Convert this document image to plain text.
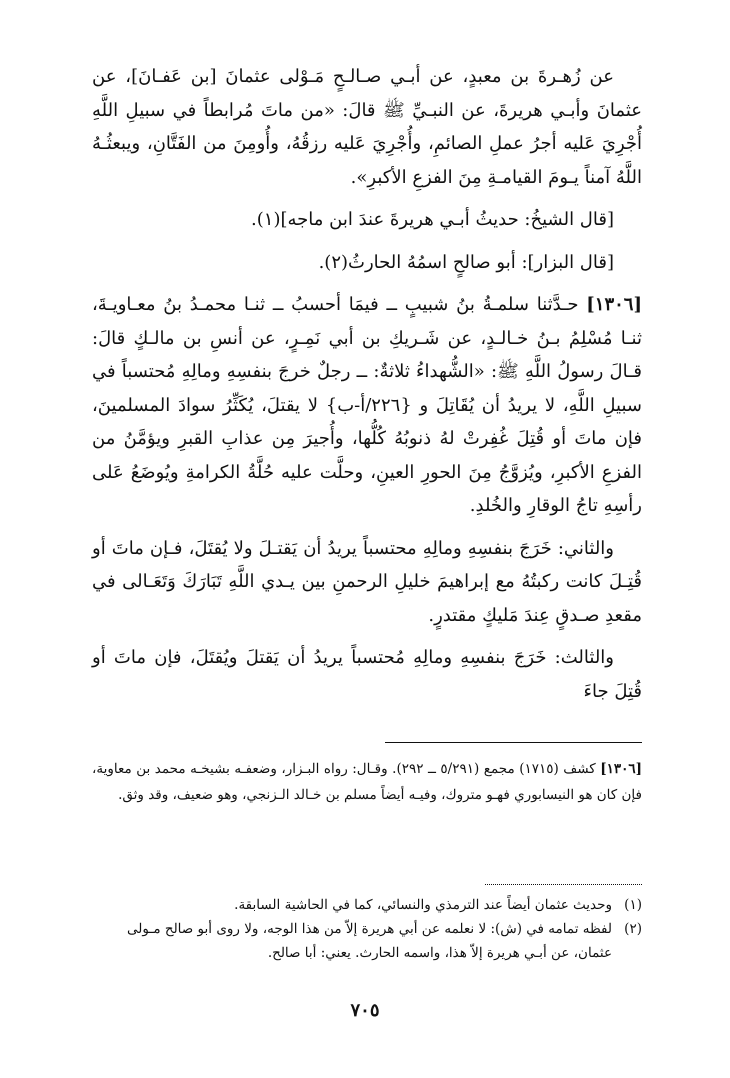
عن زُهـرةَ بن معبدٍ، عن أبـي صـالـحٍ مَـوْلى عثمانَ [بن عَفـانَ]، عن عثمانَ وأبـي هريرةَ، عن النبـيِّ ﷺ قالَ: «من ماتَ مُرابطاً في سبيلِ اللَّهِ أُجْرِيَ عَليه أجرُ عملِ الصائمِ، وأُجْرِيَ عَليه رزقُهُ، وأُومِنَ من الفَتَّانِ، ويبعثُـهُ اللَّهُ آمناً يـومَ القيامـةِ مِنَ الفزعِ الأكبرِ».

[قال الشيخُ: حديثُ أبـي هريرةَ عندَ ابن ماجه](١).

[قال البزار]: أبو صالحٍ اسمُهُ الحارثُ(٢).

[١٣٠٦] حـدَّثنا سلمـةُ بنُ شبيبٍ ــ فيمَا أحسبُ ــ ثنـا محمـدُ بنُ معـاويـةَ، ثنـا مُسْلِمُ بـنُ خـالـدٍ، عن شَـريكِ بن أبي نَمِـرٍ، عن أنسِ بن مالـكٍ قالَ: قـالَ رسولُ اللَّهِ ﷺ: «الشُّهداءُ ثلاثةٌ: ــ رجلٌ خرجَ بنفسِهِ ومالِهِ مُحتسباً في سبيلِ اللَّهِ، لا يريدُ أن يُقَاتِلَ و {٢٢٦/أ-ب} لا يقتلَ، يُكَثِّرُ سوادَ المسلمينَ، فإن ماتَ أو قُتِلَ غُفِرتْ لهُ ذنوبُهُ كُلُّها، وأُجيرَ مِن عذابِ القبرِ ويؤمَّنُ من الفزعِ الأكبرِ، ويُزوَّجُ مِنَ الحورِ العينِ، وحلَّت عليه حُلَّةُ الكرامةِ ويُوضَعُ عَلى رأسِهِ تاجُ الوقارِ والخُلدِ.

والثاني: خَرَجَ بنفسِهِ ومالِهِ محتسباً يريدُ أن يَقتـلَ ولا يُقتَلَ، فـإن ماتَ أو قُتِـلَ كانت ركبتُهُ مع إبراهيمَ خليلِ الرحمنِ بين يـدي اللَّهِ تَبَارَكَ وَتَعَـالى في مقعدِ صـدقٍ عِندَ مَليكٍ مقتدرٍ.

والثالث: خَرَجَ بنفسِهِ ومالِهِ مُحتسباً يريدُ أن يَقتلَ ويُقتَلَ، فإن ماتَ أو قُتِلَ جاءَ

[١٣٠٦] كشف (١٧١٥) مجمع (٥/٢٩١ ــ ٢٩٢). وقـال: رواه البـزار، وضعفـه بشيخـه محمد بن معاوية، فإن كان هو النيسابوري فهـو متروك، وفيـه أيضاً مسلم بن خـالد الـزنجي، وهو ضعيف، وقد وثق.

(١)
وحديث عثمان أيضاً عند الترمذي والنسائي، كما في الحاشية السابقة.

(٢)
لفظه تمامه في (ش): لا نعلمه عن أبي هريرة إلاّ من هذا الوجه، ولا روى أبو صالح مـولى عثمان، عن أبـي هريرة إلاّ هذا، واسمه الحارث. يعني: أبا صالح.

٧٠٥
